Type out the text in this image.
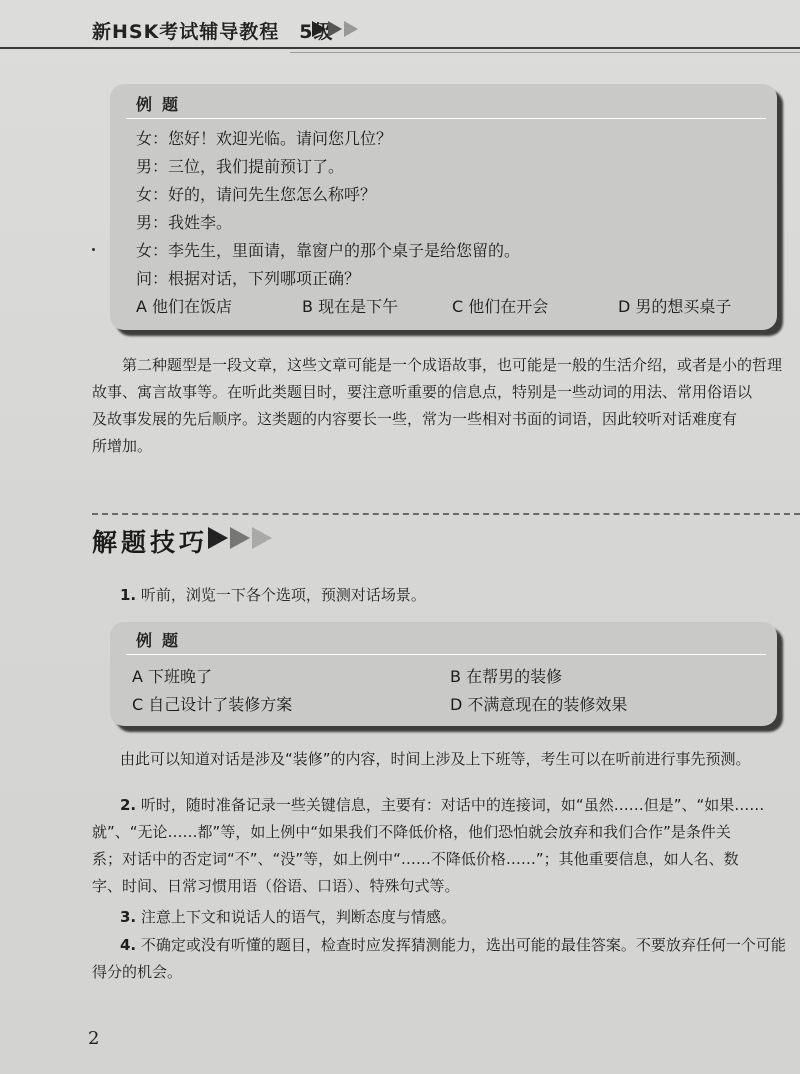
新HSK考试辅导教程　5级
例题
女：您好！欢迎光临。请问您几位？
男：三位，我们提前预订了。
女：好的，请问先生您怎么称呼？
男：我姓李。
女：李先生，里面请，靠窗户的那个桌子是给您留的。
问：根据对话，下列哪项正确？
A 他们在饭店	B 现在是下午	C 他们在开会	D 男的想买桌子
第二种题型是一段文章，这些文章可能是一个成语故事，也可能是一般的生活介绍，或者是小的哲理
故事、寓言故事等。在听此类题目时，要注意听重要的信息点，特别是一些动词的用法、常用俗语以
及故事发展的先后顺序。这类题的内容要长一些，常为一些相对书面的词语，因此较听对话难度有
所增加。
解题技巧
1. 听前，浏览一下各个选项，预测对话场景。
例题
A 下班晚了	B 在帮男的装修
C 自己设计了装修方案	D 不满意现在的装修效果
由此可以知道对话是涉及“装修”的内容，时间上涉及上下班等，考生可以在听前进行事先预测。
2. 听时，随时准备记录一些关键信息，主要有：对话中的连接词，如“虽然……但是”、“如果……
就”、“无论……都”等，如上例中“如果我们不降低价格，他们恐怕就会放弃和我们合作”是条件关
系；对话中的否定词“不”、“没”等，如上例中“……不降低价格……”；其他重要信息，如人名、数
字、时间、日常习惯用语（俗语、口语）、特殊句式等。
3. 注意上下文和说话人的语气，判断态度与情感。
4. 不确定或没有听懂的题目，检查时应发挥猜测能力，选出可能的最佳答案。不要放弃任何一个可能
得分的机会。
2
